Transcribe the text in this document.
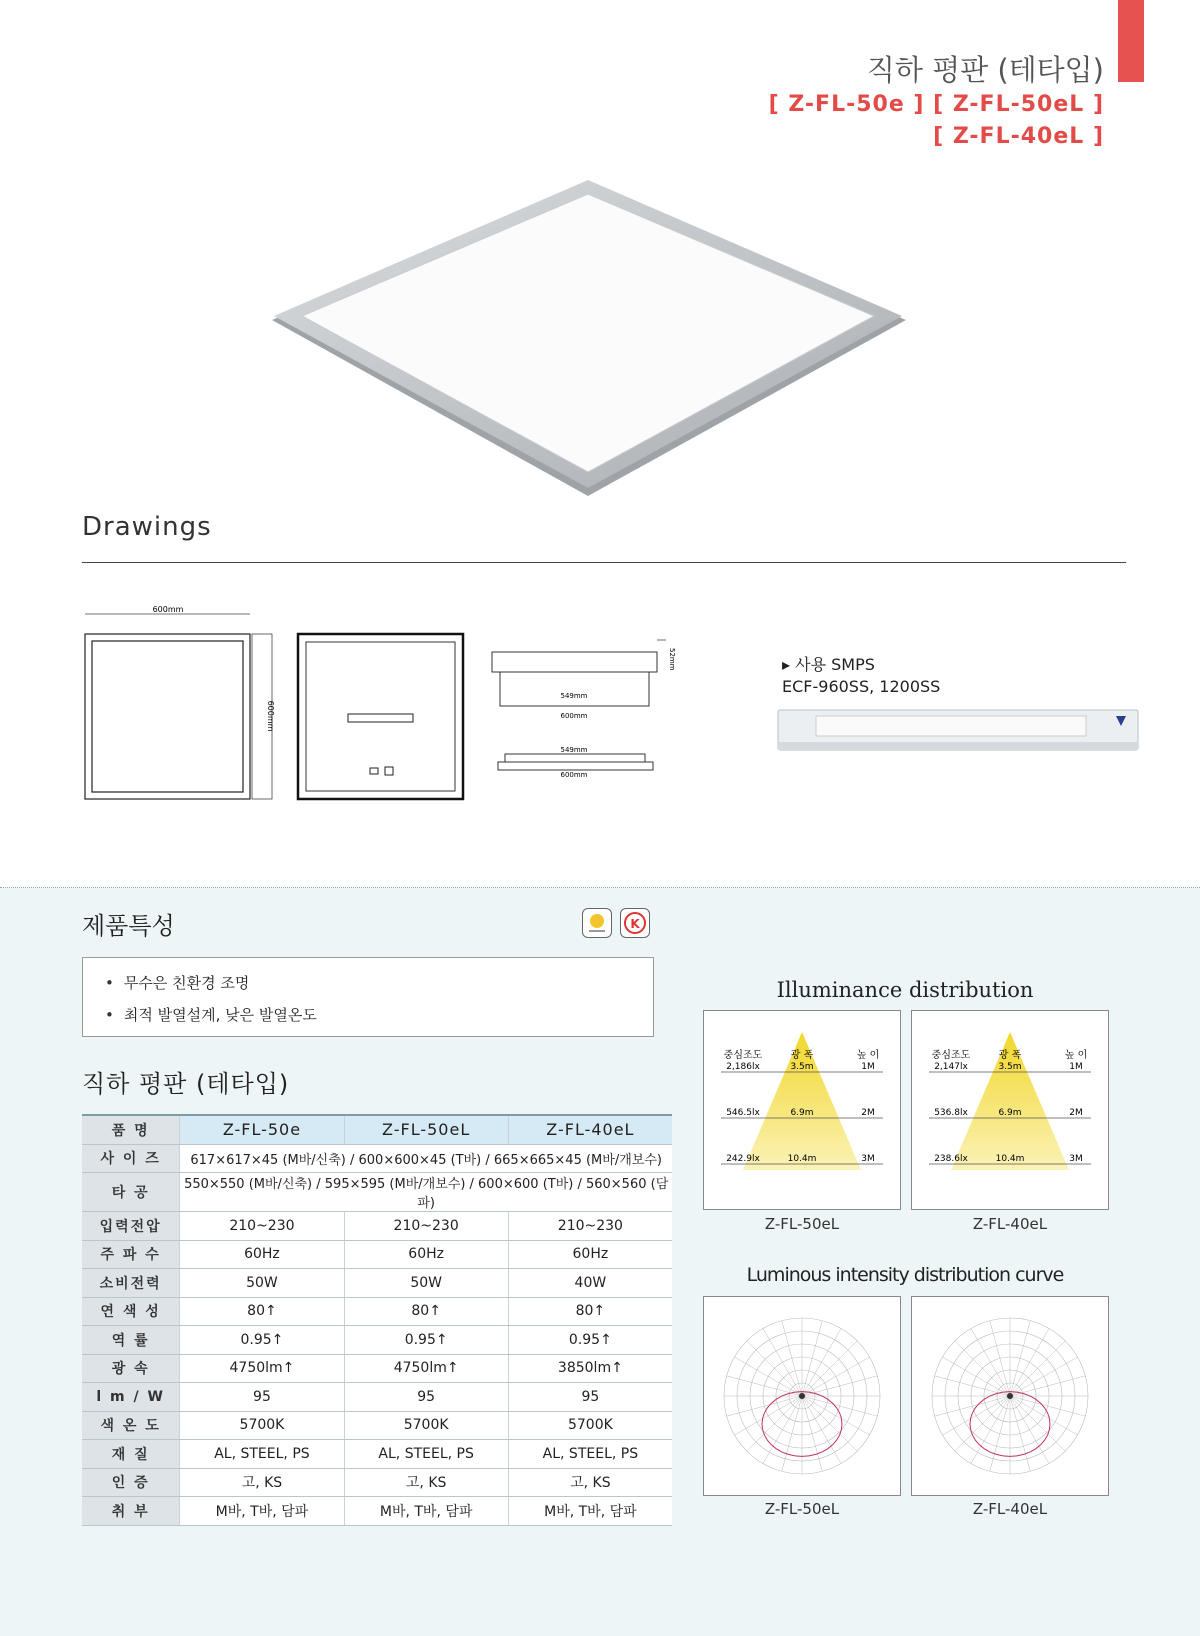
직하 평판 (테타입)
[ Z-FL-50e ] [ Z-FL-50eL ]
[ Z-FL-40eL ]
Drawings
600mm
600mm
52mm
549mm
600mm
549mm
600mm
▸ 사용 SMPS
ECF-960SS, 1200SS
제품특성	K
• 무수은 친환경 조명
• 최적 발열설계, 낮은 발열온도
직하 평판 (테타입)
품 명	Z-FL-50e	Z-FL-50eL	Z-FL-40eL
사 이 즈	617×617×45 (M바/신축) / 600×600×45 (T바) / 665×665×45 (M바/개보수)		
타 공	550×550 (M바/신축) / 595×595 (M바/개보수) / 600×600 (T바) / 560×560 (담파)		
입력전압	210~230	210~230	210~230
주 파 수	60Hz	60Hz	60Hz
소비전력	50W	50W	40W
연 색 성	80↑	80↑	80↑
역 률	0.95↑	0.95↑	0.95↑
광 속	4750lm↑	4750lm↑	3850lm↑
l m / W	95	95	95
색 온 도	5700K	5700K	5700K
재 질	AL, STEEL, PS	AL, STEEL, PS	AL, STEEL, PS
인 증	고, KS	고, KS	고, KS
취 부	M바, T바, 담파	M바, T바, 담파	M바, T바, 담파
Illuminance distribution
중심조도	광 폭	높 이
2,186lx	3.5m	1M
546.5lx	6.9m	2M
242.9lx	10.4m	3M
중심조도	광 폭	높 이
2,147lx	3.5m	1M
536.8lx	6.9m	2M
238.6lx	10.4m	3M
Z-FL-50eL	Z-FL-40eL
Luminous intensity distribution curve
Z-FL-50eL	Z-FL-40eL
